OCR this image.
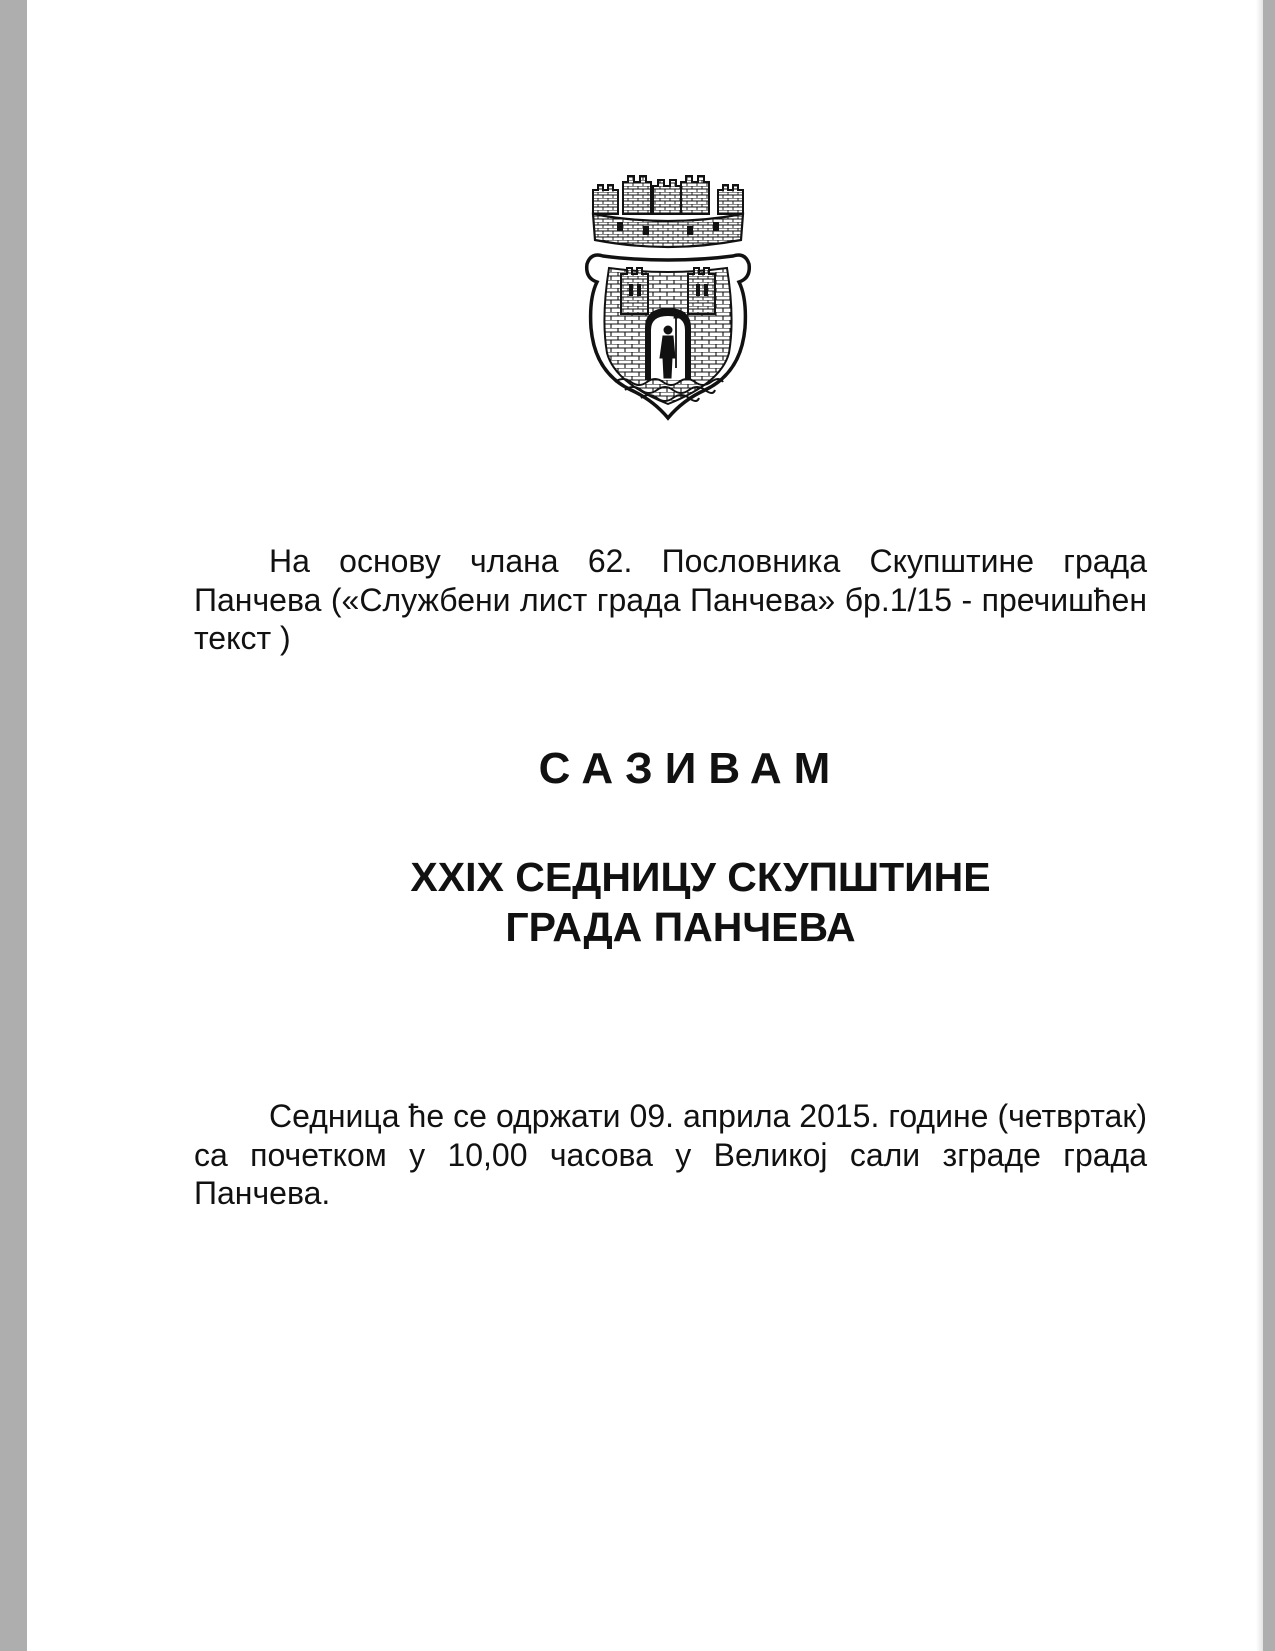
На основу члана 62. Пословника Скупштине града Панчева («Службени лист града Панчева» бр.1/15 - пречишћен текст )

САЗИВАМ
XXIX СЕДНИЦУ СКУПШТИНЕ
ГРАДА ПАНЧЕВА

Седница ће се одржати 09. априла 2015. године (четвртак) са почетком у 10,00 часова у Великој сали зграде града Панчева.
